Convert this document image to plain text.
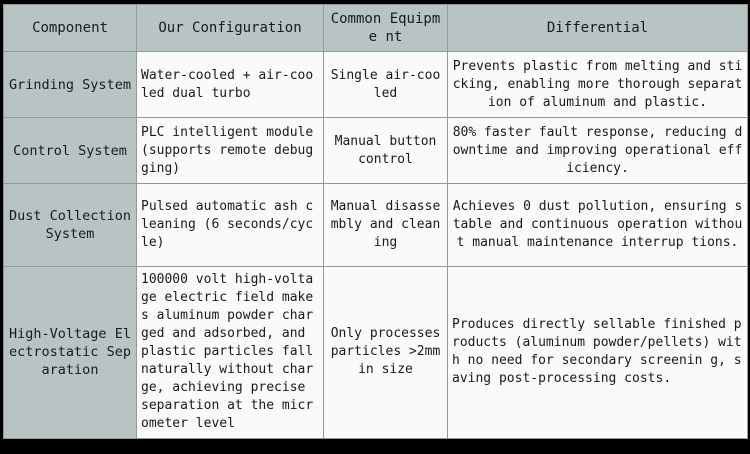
Component	Our Configuration	Common Equipme nt	Differential
Grinding System	Water-cooled + air-coo led dual turbo	Single air-cooled	Prevents plastic from melting and sticking, enabling more thorough separation of aluminum and plastic.
Control System	PLC intelligent module (supports remote debug ging)	Manual button control	80% faster fault response, reducing downtime and improving operational efficiency.
Dust Collection System	Pulsed automatic ash c leaning (6 seconds/cyc le)	Manual disasse mbly and clean ing	Achieves 0 dust pollution, ensuring stable and continuous operation without manual maintenance interrup tions.
High-Voltage Electrostatic Separation	100000 volt high-volta ge electric field make s aluminum powder char ged and adsorbed, and plastic particles fall naturally without char ge, achieving precise separation at the micr ometer level	Only processes particles >2mm in size	Produces directly sellable finished products (aluminum powder/pellets) with no need for secondary screenin g, saving post-processing costs.
